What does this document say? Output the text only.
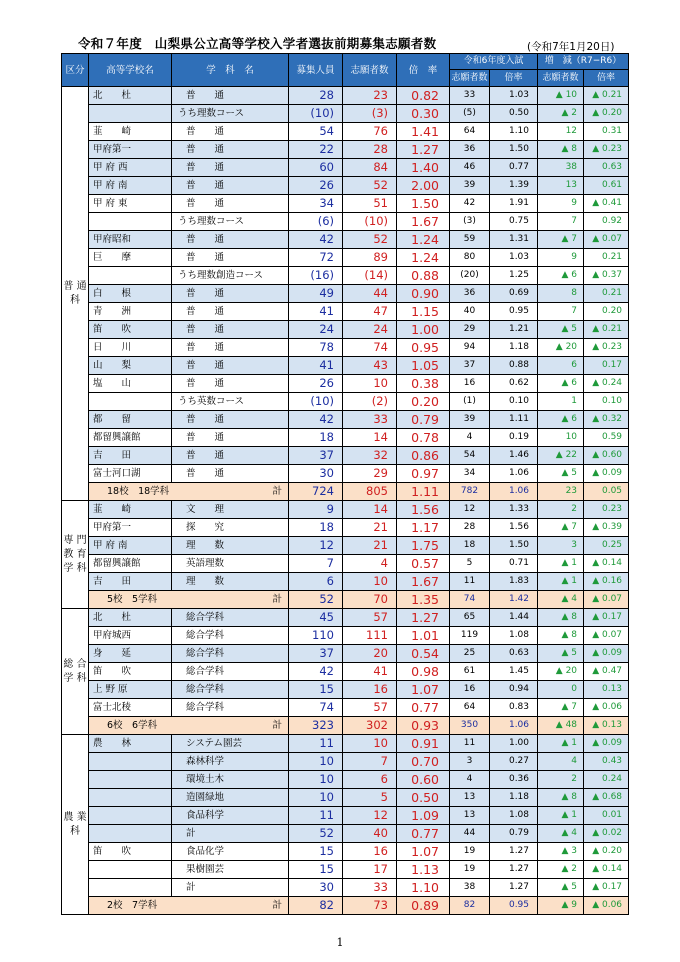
令和７年度　山梨県公立高等学校入学者選抜前期募集志願者数	(令和7年1月20日)
区分	高等学校名	学　科　名	募集人員	志願者数	倍　率	令和6年度入試		増　減（R7−R6）	
						志願者数	倍率	志願者数	倍率
普 通 科	北　　杜	普　　通	28	23	0.82	33	1.03	▲ 10	▲ 0.21
		うち理数コース	(10)	(3)	0.30	(5)	0.50	▲ 2	▲ 0.20
	韮　　崎	普　　通	54	76	1.41	64	1.10	12	0.31
	甲府第一	普　　通	22	28	1.27	36	1.50	▲ 8	▲ 0.23
	甲 府 西	普　　通	60	84	1.40	46	0.77	38	0.63
	甲 府 南	普　　通	26	52	2.00	39	1.39	13	0.61
	甲 府 東	普　　通	34	51	1.50	42	1.91	9	▲ 0.41
		うち理数コース	(6)	(10)	1.67	(3)	0.75	7	0.92
	甲府昭和	普　　通	42	52	1.24	59	1.31	▲ 7	▲ 0.07
	巨　　摩	普　　通	72	89	1.24	80	1.03	9	0.21
		うち理数創造コース	(16)	(14)	0.88	(20)	1.25	▲ 6	▲ 0.37
	白　　根	普　　通	49	44	0.90	36	0.69	8	0.21
	青　　洲	普　　通	41	47	1.15	40	0.95	7	0.20
	笛　　吹	普　　通	24	24	1.00	29	1.21	▲ 5	▲ 0.21
	日　　川	普　　通	78	74	0.95	94	1.18	▲ 20	▲ 0.23
	山　　梨	普　　通	41	43	1.05	37	0.88	6	0.17
	塩　　山	普　　通	26	10	0.38	16	0.62	▲ 6	▲ 0.24
		うち英数コース	(10)	(2)	0.20	(1)	0.10	1	0.10
	都　　留	普　　通	42	33	0.79	39	1.11	▲ 6	▲ 0.32
	都留興譲館	普　　通	18	14	0.78	4	0.19	10	0.59
	吉　　田	普　　通	37	32	0.86	54	1.46	▲ 22	▲ 0.60
	富士河口湖	普　　通	30	29	0.97	34	1.06	▲ 5	▲ 0.09
	18校　18学科 計		724	805	1.11	782	1.06	23	0.05
専 門 教 育 学 科	韮　　崎	文　　理	9	14	1.56	12	1.33	2	0.23
	甲府第一	探　　究	18	21	1.17	28	1.56	▲ 7	▲ 0.39
	甲 府 南	理　　数	12	21	1.75	18	1.50	3	0.25
	都留興譲館	英語理数	7	4	0.57	5	0.71	▲ 1	▲ 0.14
	吉　　田	理　　数	6	10	1.67	11	1.83	▲ 1	▲ 0.16
	5校　5学科 計		52	70	1.35	74	1.42	▲ 4	▲ 0.07
総 合 学 科	北　　杜	総合学科	45	57	1.27	65	1.44	▲ 8	▲ 0.17
	甲府城西	総合学科	110	111	1.01	119	1.08	▲ 8	▲ 0.07
	身　　延	総合学科	37	20	0.54	25	0.63	▲ 5	▲ 0.09
	笛　　吹	総合学科	42	41	0.98	61	1.45	▲ 20	▲ 0.47
	上 野 原	総合学科	15	16	1.07	16	0.94	0	0.13
	富士北稜	総合学科	74	57	0.77	64	0.83	▲ 7	▲ 0.06
	6校　6学科 計		323	302	0.93	350	1.06	▲ 48	▲ 0.13
農 業 科	農　　林	システム園芸	11	10	0.91	11	1.00	▲ 1	▲ 0.09
		森林科学	10	7	0.70	3	0.27	4	0.43
		環境土木	10	6	0.60	4	0.36	2	0.24
		造園緑地	10	5	0.50	13	1.18	▲ 8	▲ 0.68
		食品科学	11	12	1.09	13	1.08	▲ 1	0.01
		計	52	40	0.77	44	0.79	▲ 4	▲ 0.02
	笛　　吹	食品化学	15	16	1.07	19	1.27	▲ 3	▲ 0.20
		果樹園芸	15	17	1.13	19	1.27	▲ 2	▲ 0.14
		計	30	33	1.10	38	1.27	▲ 5	▲ 0.17
	2校　7学科 計		82	73	0.89	82	0.95	▲ 9	▲ 0.06
1
